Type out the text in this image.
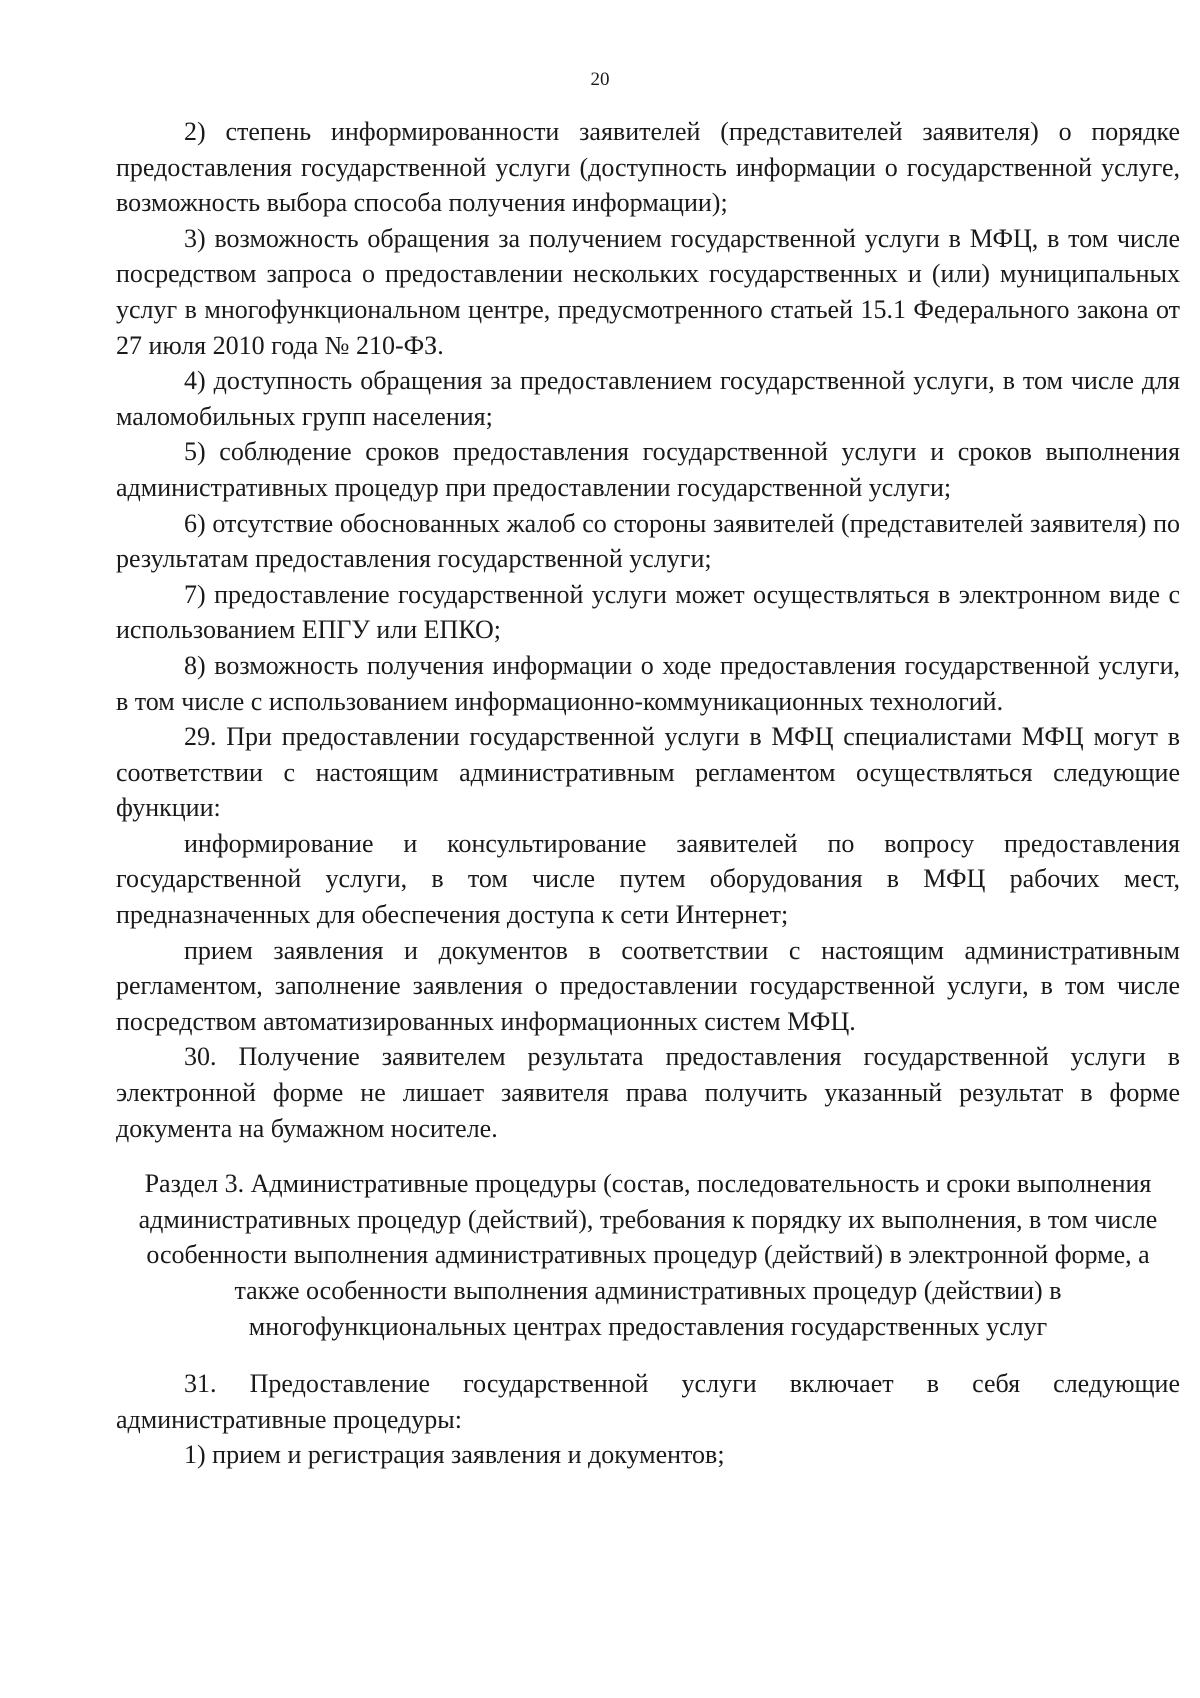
20

2) степень информированности заявителей (представителей заявителя) о порядке предоставления государственной услуги (доступность информации о государственной услуге, возможность выбора способа получения информации);

3) возможность обращения за получением государственной услуги в МФЦ, в том числе посредством запроса о предоставлении нескольких государственных и (или) муниципальных услуг в многофункциональном центре, предусмотренного статьей 15.1 Федерального закона от 27 июля 2010 года № 210-ФЗ.

4) доступность обращения за предоставлением государственной услуги, в том числе для маломобильных групп населения;

5) соблюдение сроков предоставления государственной услуги и сроков выполнения административных процедур при предоставлении государственной услуги;

6) отсутствие обоснованных жалоб со стороны заявителей (представителей заявителя) по результатам предоставления государственной услуги;

7) предоставление государственной услуги может осуществляться в электронном виде с использованием ЕПГУ или ЕПКО;

8) возможность получения информации о ходе предоставления государственной услуги, в том числе с использованием информационно-коммуникационных технологий.

29. При предоставлении государственной услуги в МФЦ специалистами МФЦ могут в соответствии с настоящим административным регламентом осуществляться следующие функции:

информирование и консультирование заявителей по вопросу предоставления государственной услуги, в том числе путем оборудования в МФЦ рабочих мест, предназначенных для обеспечения доступа к сети Интернет;

прием заявления и документов в соответствии с настоящим административным регламентом, заполнение заявления о предоставлении государственной услуги, в том числе посредством автоматизированных информационных систем МФЦ.

30. Получение заявителем результата предоставления государственной услуги в электронной форме не лишает заявителя права получить указанный результат в форме документа на бумажном носителе.

Раздел 3. Административные процедуры (состав, последовательность и сроки выполнения административных процедур (действий), требования к порядку их выполнения, в том числе особенности выполнения административных процедур (действий) в электронной форме, а также особенности выполнения административных процедур (действии) в многофункциональных центрах предоставления государственных услуг

31. Предоставление государственной услуги включает в себя следующие административные процедуры:

1) прием и регистрация заявления и документов;
